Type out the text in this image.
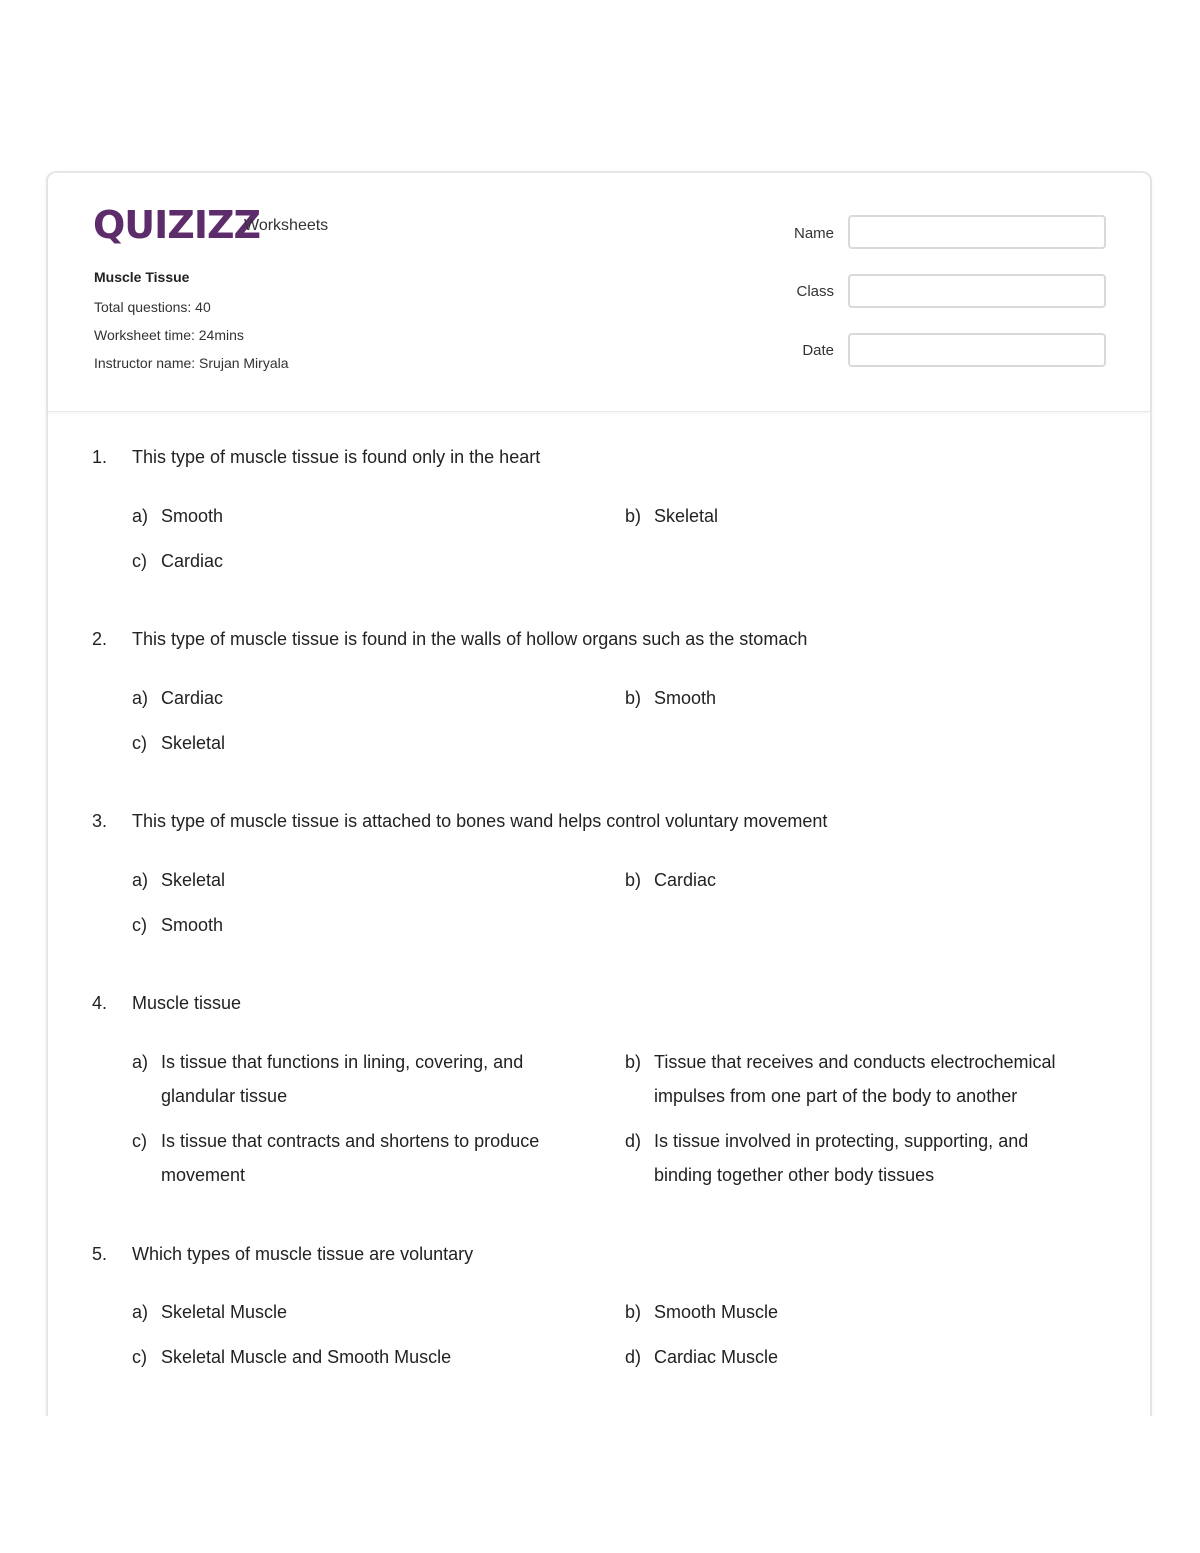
QUIZIZZ
Worksheets
Muscle Tissue
Total questions: 40
Worksheet time: 24mins
Instructor name: Srujan Miryala
Name
Class
Date
1. This type of muscle tissue is found only in the heart
a) Smooth	b) Skeletal
c) Cardiac
2. This type of muscle tissue is found in the walls of hollow organs such as the stomach
a) Cardiac	b) Smooth
c) Skeletal
3. This type of muscle tissue is attached to bones wand helps control voluntary movement
a) Skeletal	b) Cardiac
c) Smooth
4. Muscle tissue
a) Is tissue that functions in lining, covering, and glandular tissue
b) Tissue that receives and conducts electrochemical impulses from one part of the body to another
c) Is tissue that contracts and shortens to produce movement
d) Is tissue involved in protecting, supporting, and binding together other body tissues
5. Which types of muscle tissue are voluntary
a) Skeletal Muscle	b) Smooth Muscle
c) Skeletal Muscle and Smooth Muscle	d) Cardiac Muscle
